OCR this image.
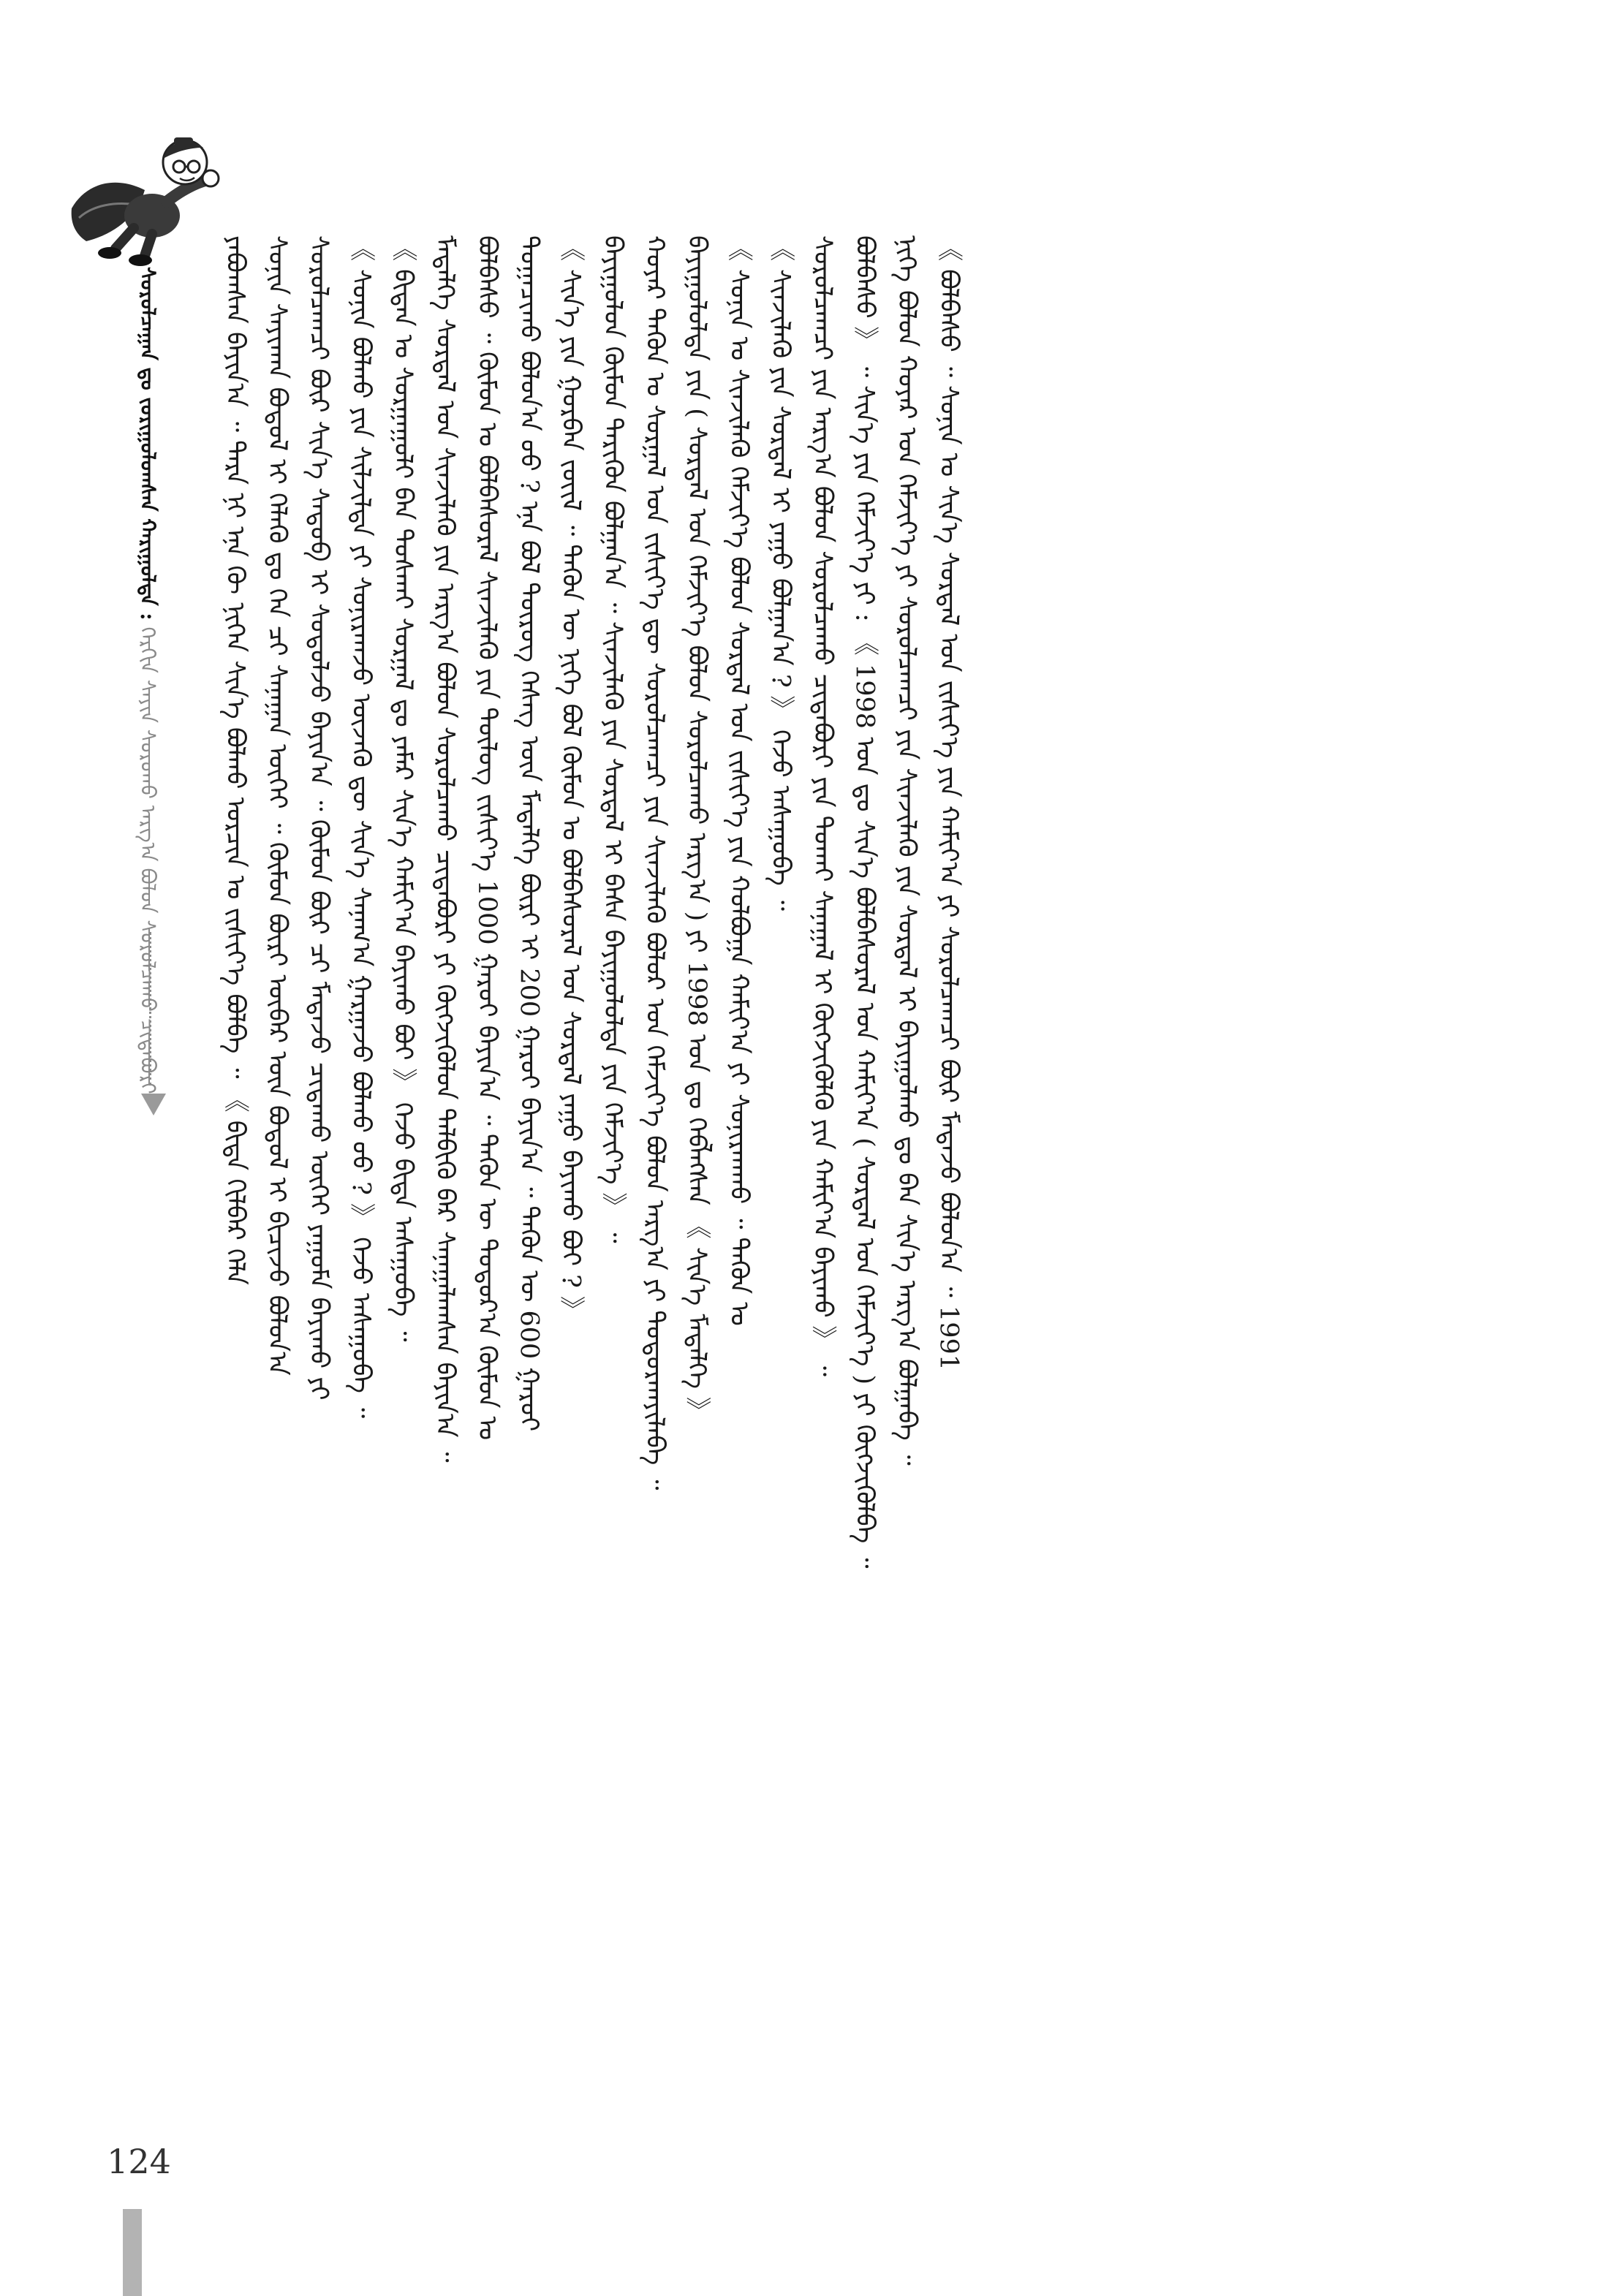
ᠰᠤᠷᠤᠯᠴᠠᠭᠠᠨ ᠳᠤ ᠵᠣᠷᠢᠭᠤᠯᠤᠭᠰᠠᠨ ᠬᠠᠷᠢᠭᠤᠯᠲᠠ : ᠬᠡᠷᠬᠢᠨ ᠰᠠᠶᠢᠨ ᠰᠤᠷᠤᠬᠤ ᠠᠷᠭ᠎ᠠ ᠪᠣᠯᠣᠨ ᠰᠤᠷᠤᠯᠴᠠᠬᠤ ᠴᠢᠳᠠᠪᠤᠷᠢ ᠶᠠᠪᠤᠭᠰᠠᠨ ᠪᠠᠶᠢᠨ᠎ᠠ ᠃ ᠲᠡᠷᠡ ᠨᠢ ᠡᠨᠡ ᠬᠦ ᠨᠢᠭᠡᠨ ᠰᠢᠨ᠎ᠡ ᠪᠣᠯᠬᠤ ᠣᠷᠴᠢᠨ ᠤ ᠵᠢᠱᠢᠶ᠎ᠡ ᠪᠣᠯᠪᠠ ᠃ 《 ᠪᠢᠳᠡ ᠬᠢᠯᠪᠠᠷ ᠬᠡᠯᠡ ᠰᠣᠨᠢᠨ ᠰᠠᠶᠢᠬᠠᠨ ᠪᠣᠳᠤᠯ ᠢ ᠬᠡᠯᠡᠬᠦ ᠳᠤ ᠬᠡᠨ ᠴᠢ ᠰᠠᠨᠠᠭᠠᠨ ᠦᠭᠡᠢ ᠃ ᠬᠦᠮᠦᠨ ᠪᠦᠷᠢ ᠥᠪᠡᠷ ᠦᠨ ᠪᠣᠳᠤᠯ ᠢ ᠪᠢᠴᠢᠵᠦ ᠪᠣᠯᠣᠨ᠎ᠠ ᠰᠤᠷᠤᠯᠴᠠᠭᠴᠢ ᠪᠦᠷ ᠰᠢᠨ᠎ᠡ ᠰᠡᠳᠦᠪ ᠢ ᠰᠤᠳᠤᠯᠵᠤ ᠪᠠᠶᠢᠨ᠎ᠠ ᠃ ᠬᠦᠮᠦᠨ ᠪᠦᠷ ᠴᠢ ᠮᠡᠳᠡᠵᠦ ᠴᠢᠳᠠᠬᠤ ᠦᠭᠡᠢ ᠶᠠᠭᠤᠮᠠ ᠪᠠᠶᠢᠬᠤ ᠶᠢ 《 ᠰᠣᠨᠢᠨ ᠪᠣᠯᠬᠤ ᠶᠢᠨ ᠰᠢᠯᠵᠢᠯᠲᠡ ᠶᠢ ᠰᠣᠨᠢᠷᠬᠠᠵᠤ ᠦᠵᠡᠬᠦ ᠳᠦ ᠰᠢᠨ᠎ᠡ ᠰᠠᠨᠠᠭ᠎ᠠ ᠭᠠᠷᠭᠠᠵᠤ ᠪᠣᠯᠬᠤ ᠤᠤ ? 》 ᠭᠡᠵᠦ ᠠᠰᠠᠭᠤᠪᠠ ᠃ 《 ᠪᠢᠳᠡᠨ ᠤ ᠰᠤᠷᠭᠠᠭᠤᠯᠢ ᠪᠠᠨ ᠲᠤᠰᠬᠠᠢ ᠰᠤᠷᠭᠠᠯ ᠳᠤ ᠶᠠᠮᠠᠷ ᠰᠢᠨ᠎ᠡ ᠬᠠᠮᠢᠶ᠎ᠠ ᠪᠠᠶᠢᠬᠤ ᠪᠤᠢ 》 ᠭᠡᠵᠦ ᠪᠢᠳᠡ ᠠᠰᠠᠭᠤᠪᠠ ᠃ ᠮᠡᠳᠡᠯᠭᠡ ᠰᠤᠷᠲᠠᠯ ᠤᠨ ᠰᠢᠨᠵᠢᠯᠡᠬᠦ ᠶᠢᠨ ᠠᠷᠭ᠎ᠠ ᠪᠣᠯᠣᠨ ᠰᠤᠷᠤᠯᠴᠠᠬᠤ ᠴᠢᠳᠠᠪᠤᠷᠢ ᠶᠢ ᠬᠦᠭᠵᠢᠭᠦᠯᠦᠨ ᠲᠡᠯᠪᠢᠬᠦ ᠪᠠᠷ ᠰᠠᠨᠠᠭᠠᠯᠠᠭᠰᠠᠨ ᠪᠠᠶᠢᠨ᠎ᠠ ᠃ ᠪᠣᠯᠪᠠᠰᠤ ᠃ ᠬᠦᠮᠦᠨ ᠤ ᠪᠣᠯᠪᠠᠰᠤᠷᠠᠯ ᠰᠢᠨᠵᠢᠯᠡᠬᠦ ᠶᠢᠨ ᠲᠦᠯᠦᠭ ᠵᠢᠱᠢᠶ᠎ᠡ 1000 ᠭᠠᠷᠤᠢ ᠪᠠᠶᠢᠨ᠎ᠠ ᠃ ᠲᠡᠭᠦᠨ ᠦ ᠳᠣᠲᠣᠷ᠎ᠠ ᠬᠦᠮᠦᠨ ᠤ ᠲᠣᠭᠠᠴᠢᠬᠤ ᠪᠣᠯᠤᠨ᠎ᠠ ᠤᠤ ? ᠡᠨᠡ ᠪᠣᠯ ᠲᠦᠷᠦᠭ ᠬᠡᠰᠡᠭ ᠦᠨ ᠮᠡᠳᠡᠯᠭᠡ ᠪᠦᠷᠢ ᠢ 200 ᠭᠠᠷᠤᠢ ᠪᠠᠶᠢᠨ᠎ᠠ ᠃ ᠲᠡᠭᠦᠨ ᠦ 600 ᠭᠠᠷᠤᠢ 《 ᠰᠢᠨ᠎ᠡ ᠶᠢᠨ ᠭᠣᠷᠪᠠᠨ ᠵᠦᠢᠯ ᠃ ᠲᠡᠭᠦᠨ ᠦ ᠨᠢᠭᠡ ᠪᠣᠯ ᠬᠦᠮᠦᠨ ᠤ ᠪᠣᠯᠪᠠᠰᠤᠷᠠᠯ ᠤᠨ ᠰᠤᠷᠲᠠᠯ ᠶᠠᠭᠤ ᠪᠠᠶᠢᠬᠤ ᠪᠤᠢ ? 》 ᠪᠠᠶᠢᠭᠤᠯᠤᠨ ᠬᠦᠮᠦᠨ ᠲᠡᠷᠢᠭᠦᠨ ᠪᠣᠯᠭᠠᠨ᠎ᠠ ᠃ ᠰᠢᠨᠵᠢᠯᠡᠬᠦ ᠶᠢᠨ ᠰᠤᠷᠲᠠᠯ ᠢ ᠪᠠᠰᠠ ᠪᠠᠶᠢᠭᠤᠯᠤᠯᠲᠠ ᠶᠢᠨ ᠬᠡᠮᠵᠢᠶ᠎ᠡ 》 ᠃ ᠬᠣᠶᠠᠷ ᠲᠡᠭᠦᠨ ᠤ ᠰᠤᠷᠭᠠᠯ ᠤᠨ ᠵᠢᠱᠢᠶ᠎ᠡ ᠳᠦ ᠰᠤᠷᠤᠯᠴᠠᠭᠴᠢ ᠶᠢᠨ ᠰᠢᠨᠵᠢᠯᠡᠬᠦ ᠪᠣᠯᠤᠷ ᠤᠨ ᠬᠡᠮᠵᠢᠶ᠎ᠡ ᠪᠣᠯᠤᠨ ᠠᠷᠭ᠎ᠠ ᠶᠢ ᠲᠣᠳᠣᠷᠬᠠᠶᠢᠯᠠᠪᠠ ᠃ ᠪᠠᠶᠢᠭᠤᠯᠤᠯᠲᠠ ᠶᠢᠨ ( ᠰᠤᠷᠲᠠᠯ ᠤᠨ ᠬᠡᠮᠵᠢᠶ᠎ᠡ ᠪᠣᠯᠣᠨ ᠰᠤᠷᠤᠯᠴᠠᠬᠤ ᠠᠷᠭ᠎ᠠ ) ᠶᠢ 1998 ᠣᠨ ᠳᠤ ᠬᠡᠪᠯᠡᠭᠰᠡᠨ 《 ᠰᠢᠨ᠎ᠡ ᠮᠡᠳᠡᠯᠭᠡ 》 《 ᠰᠣᠨᠢᠨ ᠤ ᠰᠢᠨᠵᠢᠯᠡᠬᠦ ᠬᠡᠮᠵᠢᠶ᠎ᠡ ᠪᠣᠯᠤᠨ ᠰᠤᠷᠲᠠᠯ ᠤᠨ ᠵᠢᠱᠢᠶ᠎ᠡ ᠶᠢᠨ ᠬᠣᠯᠪᠣᠭᠠ ᠬᠠᠮᠢᠶ᠎ᠠ ᠶᠢ ᠰᠣᠨᠢᠷᠬᠠᠬᠤ ᠃ ᠲᠡᠭᠦᠨ ᠤ 《 ᠰᠢᠨᠵᠢᠯᠡᠬᠦ ᠶᠢᠨ ᠰᠤᠷᠲᠠᠯ ᠢ ᠶᠠᠭᠤ ᠪᠣᠯᠭᠠᠨ᠎ᠠ ? 》 ᠭᠡᠵᠦ ᠠᠰᠠᠭᠤᠪᠠ ᠃ ᠰᠤᠷᠤᠯᠴᠠᠭᠴᠢ ᠶᠢᠨ ᠠᠷᠭ᠎ᠠ ᠪᠣᠯᠣᠨ ᠰᠤᠷᠤᠯᠴᠠᠬᠤ ᠴᠢᠳᠠᠪᠤᠷᠢ ᠶᠢᠨ ᠲᠤᠬᠠᠢ ᠰᠠᠨᠠᠭᠠᠯ ᠢ ᠬᠦᠭᠵᠢᠭᠦᠯᠬᠦ ᠶᠢᠨ ᠬᠠᠮᠢᠶ᠎ᠠ ᠪᠠᠶᠢᠬᠤ 》 ᠃ ᠪᠣᠯᠪᠠᠰᠤ 》 ᠃ ᠰᠢᠨ᠎ᠡ ᠶᠢᠨ ᠬᠡᠮᠵᠢᠶ᠎ᠡ ᠶᠢ : 《 1998 ᠣᠨ ᠳᠤ ᠰᠢᠨ᠎ᠡ ᠪᠣᠯᠪᠠᠰᠤᠷᠠᠯ ᠤᠨ ᠬᠠᠮᠢᠶ᠎ᠠ ( ᠰᠤᠷᠲᠠᠯ ᠤᠨ ᠬᠡᠮᠵᠢᠶ᠎ᠡ ) ᠶᠢ ᠬᠦᠭᠵᠢᠭᠦᠯᠪᠡ ᠃ ᠨᠢᠭᠡ ᠪᠣᠯᠣᠨ ᠬᠣᠶᠠᠷ ᠤᠨ ᠬᠡᠮᠵᠢᠶ᠎ᠡ ᠶᠢ ᠰᠤᠷᠤᠯᠴᠠᠭᠴᠢ ᠶᠢᠨ ᠰᠢᠨᠵᠢᠯᠡᠬᠦ ᠶᠢᠨ ᠰᠤᠷᠲᠠᠯ ᠢ ᠪᠠᠶᠢᠭᠤᠯᠬᠤ ᠳᠤ ᠪᠠᠨ ᠰᠢᠨ᠎ᠡ ᠠᠷᠭ᠎ᠠ ᠪᠣᠯᠭᠠᠪᠠ ᠃ 《 ᠪᠣᠯᠪᠠᠰᠤ ᠃ ᠰᠣᠨᠢᠨ ᠤ ᠰᠢᠨ᠎ᠡ ᠰᠤᠷᠲᠠᠯ ᠤᠨ ᠵᠢᠱᠢᠶ᠎ᠡ ᠶᠢᠨ ᠬᠠᠮᠢᠶ᠎ᠠ ᠶᠢ ᠰᠤᠷᠤᠯᠴᠠᠭᠴᠢ ᠪᠦᠷ ᠮᠡᠳᠡᠵᠦ ᠪᠣᠯᠣᠨ᠎ᠠ ᠃ 1991

124
